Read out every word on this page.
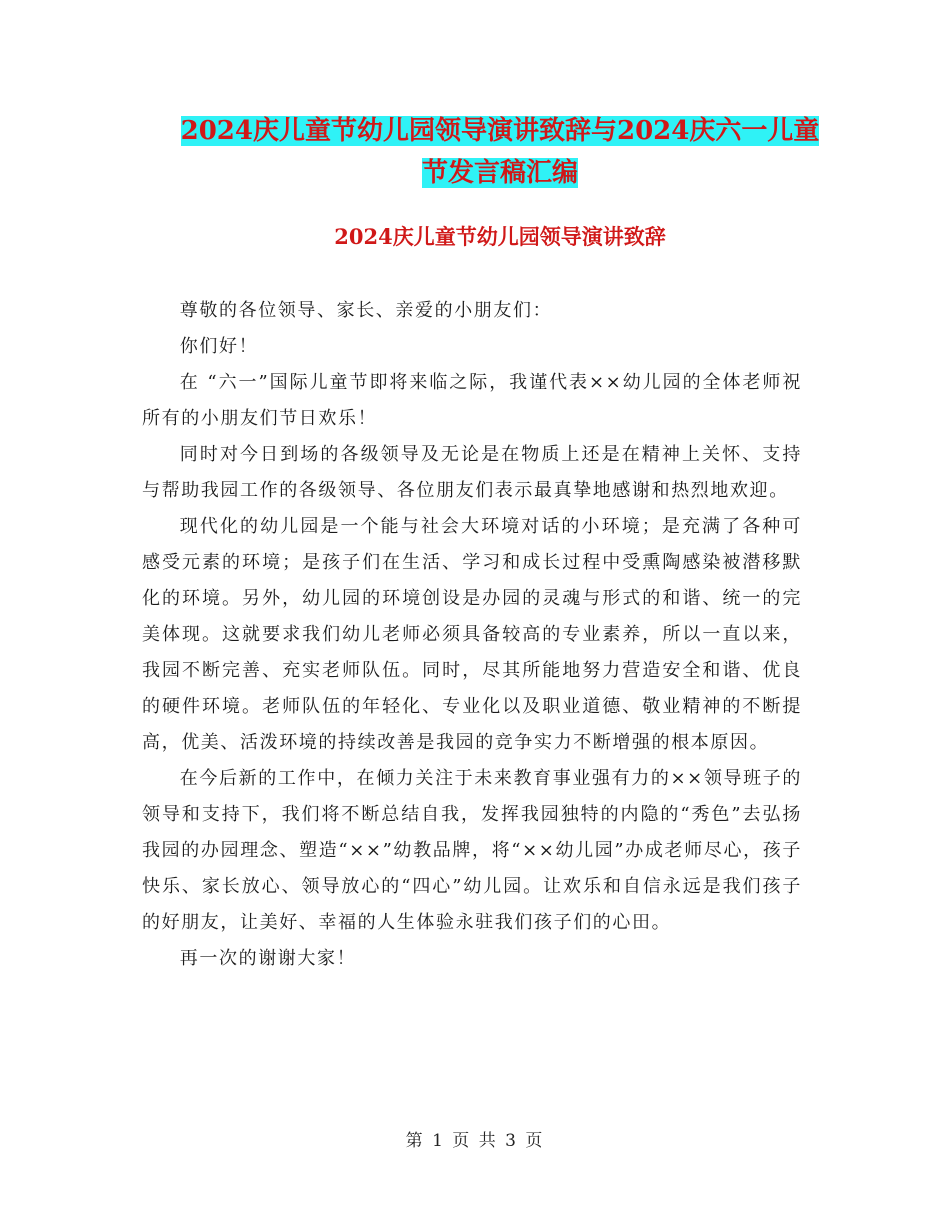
2024庆儿童节幼儿园领导演讲致辞与2024庆六一儿童
节发言稿汇编
2024庆儿童节幼儿园领导演讲致辞

尊敬的各位领导、家长、亲爱的小朋友们：

你们好！

在 “六一”国际儿童节即将来临之际，我谨代表××幼儿园的全体老师祝所有的小朋友们节日欢乐！

同时对今日到场的各级领导及无论是在物质上还是在精神上关怀、支持与帮助我园工作的各级领导、各位朋友们表示最真挚地感谢和热烈地欢迎。

现代化的幼儿园是一个能与社会大环境对话的小环境；是充满了各种可感受元素的环境；是孩子们在生活、学习和成长过程中受熏陶感染被潜移默化的环境。另外，幼儿园的环境创设是办园的灵魂与形式的和谐、统一的完美体现。这就要求我们幼儿老师必须具备较高的专业素养，所以一直以来，我园不断完善、充实老师队伍。同时，尽其所能地努力营造安全和谐、优良的硬件环境。老师队伍的年轻化、专业化以及职业道德、敬业精神的不断提高，优美、活泼环境的持续改善是我园的竞争实力不断增强的根本原因。

在今后新的工作中，在倾力关注于未来教育事业强有力的××领导班子的领导和支持下，我们将不断总结自我，发挥我园独特的内隐的“秀色”去弘扬我园的办园理念、塑造“××”幼教品牌，将“××幼儿园”办成老师尽心，孩子快乐、家长放心、领导放心的“四心”幼儿园。让欢乐和自信永远是我们孩子的好朋友，让美好、幸福的人生体验永驻我们孩子们的心田。

再一次的谢谢大家！

第 1 页 共 3 页
